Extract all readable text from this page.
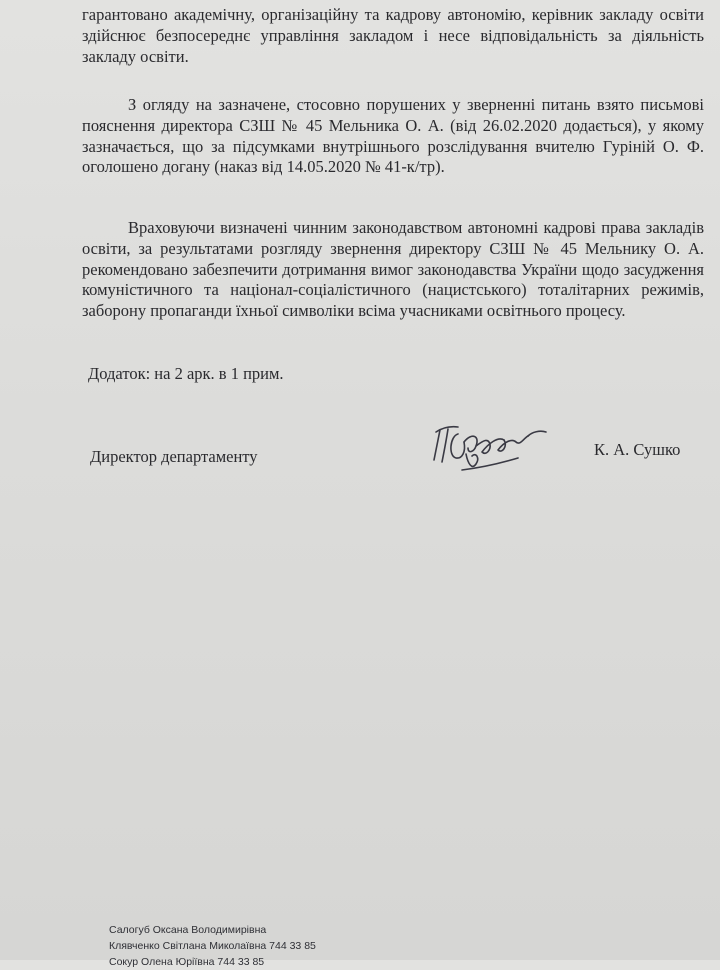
гарантовано академічну, організаційну та кадрову автономію, керівник закладу освіти здійснює безпосереднє управління закладом і несе відповідальність за діяльність закладу освіти.

З огляду на зазначене, стосовно порушених у зверненні питань взято письмові пояснення директора СЗШ № 45 Мельника О. А. (від 26.02.2020 додається), у якому зазначається, що за підсумками внутрішнього розслідування вчителю Гуріній О. Ф. оголошено догану (наказ від 14.05.2020 № 41-к/тр).

Враховуючи визначені чинним законодавством автономні кадрові права закладів освіти, за результатами розгляду звернення директору СЗШ № 45 Мельнику О. А. рекомендовано забезпечити дотримання вимог законодавства України щодо засудження комуністичного та націонал-соціалістичного (нацистського) тоталітарних режимів, заборону пропаганди їхньої символіки всіма учасниками освітнього процесу.

Додаток: на 2 арк. в 1 прим.

Директор департаменту	К. А. Сушко

Салогуб Оксана Володимирівна
Клявченко Світлана Миколаївна 744 33 85
Сокур Олена Юріївна 744 33 85
